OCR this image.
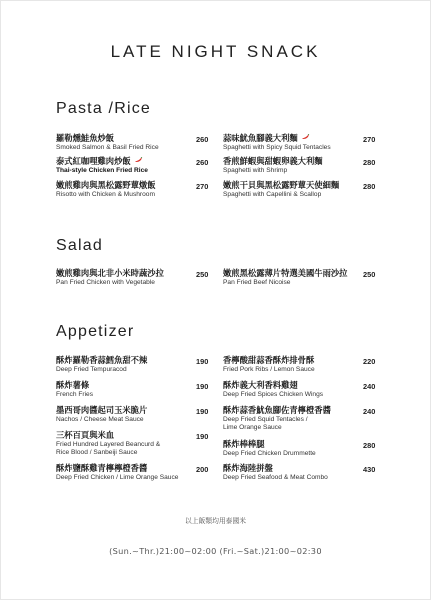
LATE NIGHT SNACK
Pasta /Rice
羅勒燻鮭魚炒飯
Smoked Salmon & Basil Fried Rice
260
泰式紅咖哩雞肉炒飯
Thai-style Chicken Fried Rice
260
嫩煎雞肉與黑松露野蕈燉飯
Risotto with Chicken & Mushroom
270
蒜味魷魚腳義大利麵
Spaghetti with Spicy Squid Tentacles
270
香煎鮮蝦與甜蝦卵義大利麵
Spaghetti with Shrimp
280
嫩煎干貝與黑松露野蕈天使細麵
Spaghetti with Capellini & Scallop
280
Salad
嫩煎雞肉與北非小米時蔬沙拉
Pan Fried Chicken with Vegetable
250 嫩煎黑松露薄片特選美國牛雨沙拉
Pan Fried Beef Nicoise
250
Appetizer
酥炸羅勒香蒜鱈魚甜不辣
Deep Fried Tempuracod
190
酥炸薯條
French Fries
190
墨西哥肉醬起司玉米脆片
Nachos / Cheese Meat Sauce
190
三杯百頁與米血
Fried Hundred Layered Beancurd &
Rice Blood / Sanbeiji Sauce
190
酥炸鹽酥雞青檸檸橙香醬
Deep Fried Chicken / Lime Orange Sauce
200
香檸酸甜蒜香酥炸排骨酥
Fried Pork Ribs / Lemon Sauce
220
酥炸義大利香料雞翅
Deep Fried Spices Chicken Wings
240
酥炸蒜香魷魚腳佐青檸橙香醬
Deep Fried Squid Tentacles /
Lime Orange Sauce
240
酥炸棒棒腿
Deep Fried Chicken Drummette
280
酥炸海陸拼盤
Deep Fried Seafood & Meat Combo
430
以上飯類均用泰國米
(Sun.~Thr.)21:00~02:00 (Fri.~Sat.)21:00~02:30
